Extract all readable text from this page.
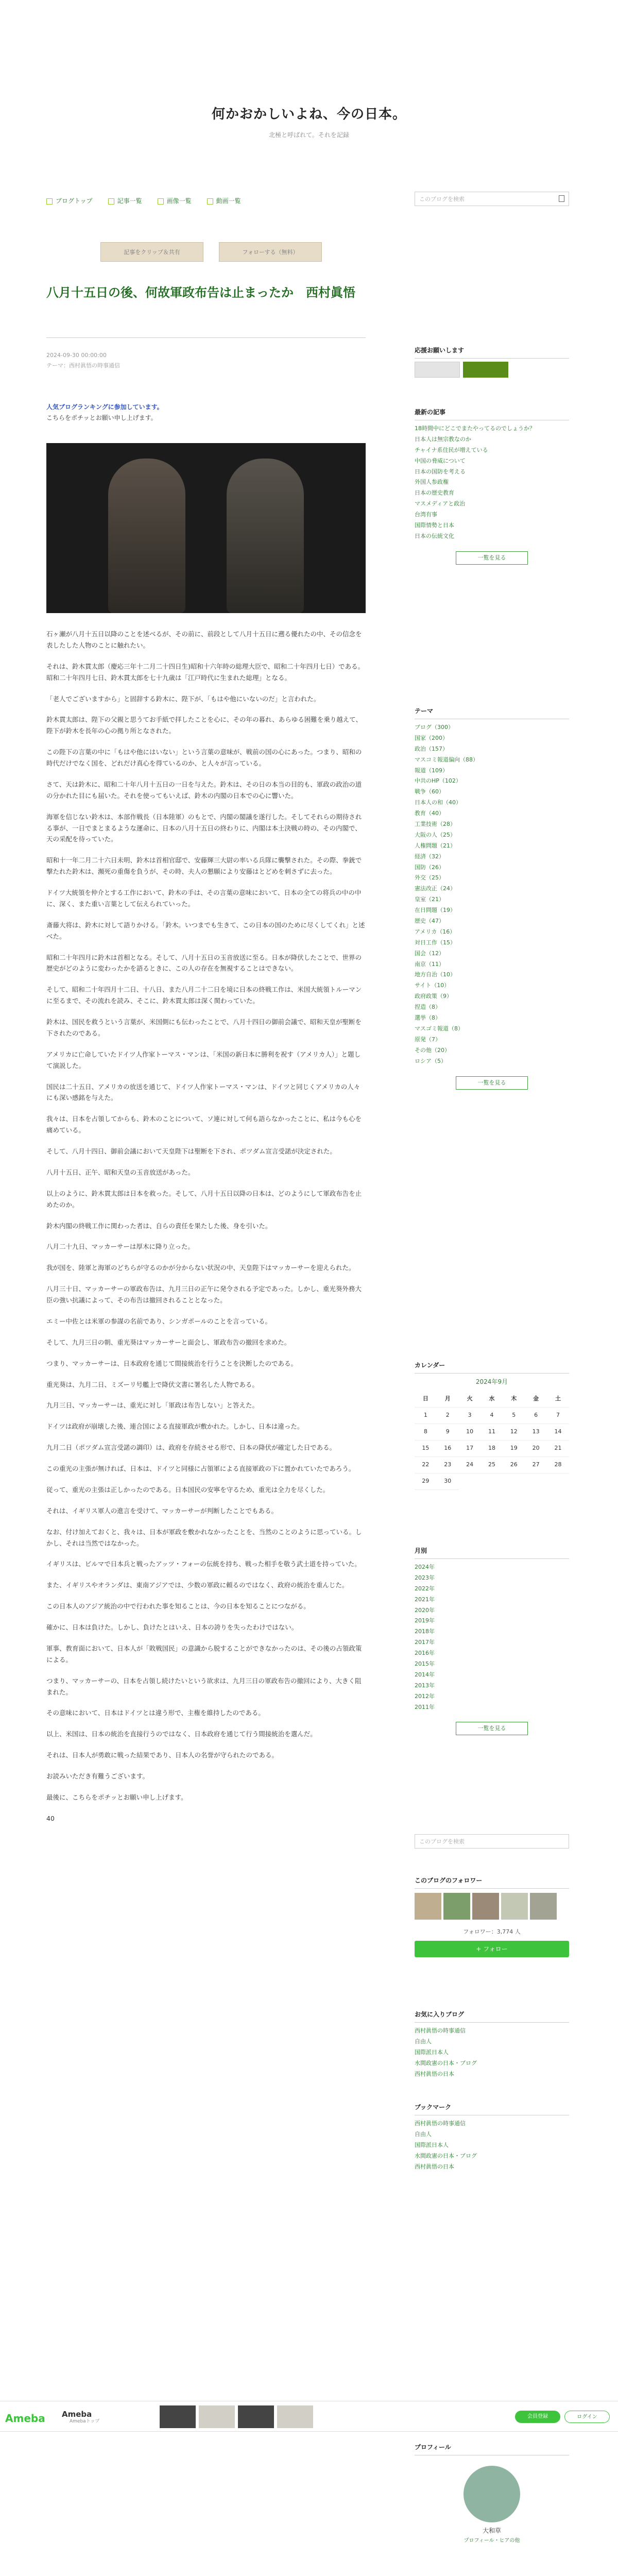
何かおかしいよね、今の日本。
北極と呼ばれて。それを記録
ブログトップ	記事一覧	画像一覧	動画一覧	このブログを検索
記事をクリップ＆共有	フォローする（無料）
八月十五日の後、何故軍政布告は止まったか　西村眞悟
2024-09-30 00:00:00
テーマ：西村眞悟の時事通信
人気ブログランキングに参加しています。
こちらをポチッとお願い申し上げます。

石ヶ瀬が八月十五日以降のことを述べるが、その前に、前段として八月十五日に遡る優れたの中、その信念を表したした人物のことに触れたい。

それは、鈴木貫太郎（慶応三年十二月二十四日生)昭和十六年時の総理大臣で、昭和二十年四月七日）である。昭和二十年四月七日、鈴木貫太郎を七十九歳は「江戸時代に生まれた総理」となる。

「老人でございますから」と固辞する鈴木に、陛下が、「もはや他にいないのだ」と言われた。

鈴木貫太郎は、陛下の父親と思うてお手紙で拝したことを心に、その年の暮れ、あらゆる困難を乗り越えて、陛下が鈴木を長年の心の拠り所となされた。

この陛下の言葉の中に「もはや他にはいない」という言葉の意味が、戦前の国の心にあった。つまり、昭和の時代だけでなく国を、どれだけ真心を得ているのか、と人々が言っている。

さて、天は鈴木に、昭和二十年八月十五日の一日を与えた。鈴木は、その日の本当の目的も、軍政の政治の道の分かれた目にも届いた。それを使ってもいえば、鈴木の内閣の日本での心に響いた。

海軍を信じない鈴木は、本部作戦長（日本陸軍）のもとで、内閣の閣議を遂行した。そしてそれらの期待される事が、一日でまとまるような運命に、日本の八月十五日の終わりに、内閣は本土決戦の時の、その内閣で、天の采配を待っていた。

昭和十一年二月二十六日未明、鈴木は首相官邸で、安藤輝三大尉の率いる兵隊に襲撃された。その際、拳銃で撃たれた鈴木は、瀕死の重傷を負うが、その時、夫人の懇願により安藤はとどめを刺さずに去った。

ドイツ大統領を仲介とする工作において、鈴木の手は、その言葉の意味において、日本の全ての将兵の中の中に、深く、また重い言葉として伝えられていった。

斎藤大将は、鈴木に対して語りかける。「鈴木。いつまでも生きて、この日本の国のために尽くしてくれ」と述べた。

昭和二十年四月に鈴木は首相となる。そして、八月十五日の玉音放送に至る。日本が降伏したことで、世界の歴史がどのように変わったかを語るときに、この人の存在を無視することはできない。

そして、昭和二十年四月十二日、十八日、また八月二十二日を境に日本の終戦工作は、米国大統領トルーマンに至るまで、その流れを読み、そこに、鈴木貫太郎は深く関わっていた。

鈴木は、国民を救うという言葉が、米国側にも伝わったことで、八月十四日の御前会議で、昭和天皇が聖断を下されたのである。

アメリカに亡命していたドイツ人作家トーマス・マンは、「米国の新日本に勝利を祝す（アメリカ人）」と題して演説した。

国民は二十五日、アメリカの放送を通じて、ドイツ人作家トーマス・マンは、ドイツと同じくアメリカの人々にも深い感銘を与えた。

我々は、日本を占領してからも、鈴木のことについて、ソ連に対して何も語らなかったことに、私は今も心を痛めている。

そして、八月十四日、御前会議において天皇陛下は聖断を下され、ポツダム宣言受諾が決定された。

八月十五日、正午、昭和天皇の玉音放送があった。

以上のように、鈴木貫太郎は日本を救った。そして、八月十五日以降の日本は、どのようにして軍政布告を止めたのか。

鈴木内閣の終戦工作に関わった者は、自らの責任を果たした後、身を引いた。

八月二十九日、マッカーサーは厚木に降り立った。

我が国を、陸軍と海軍のどちらが守るのかが分からない状況の中、天皇陛下はマッカーサーを迎えられた。

八月三十日、マッカーサーの軍政布告は、九月三日の正午に発令される予定であった。しかし、重光葵外務大臣の強い抗議によって、その布告は撤回されることとなった。

エミー中佐とは米軍の参謀の名前であり、シンガポールのことを言っている。

そして、九月三日の朝、重光葵はマッカーサーと面会し、軍政布告の撤回を求めた。

つまり、マッカーサーは、日本政府を通じて間接統治を行うことを決断したのである。

重光葵は、九月二日、ミズーリ号艦上で降伏文書に署名した人物である。

九月三日、マッカーサーは、重光に対し「軍政は布告しない」と答えた。

ドイツは政府が崩壊した後、連合国による直接軍政が敷かれた。しかし、日本は違った。

九月二日（ポツダム宣言受諾の調印）は、政府を存続させる形で、日本の降伏が確定した日である。

この重光の主張が無ければ、日本は、ドイツと同様に占領軍による直接軍政の下に置かれていたであろう。

従って、重光の主張は正しかったのである。日本国民の安寧を守るため、重光は全力を尽くした。

それは、イギリス軍人の進言を受けて、マッカーサーが判断したことでもある。

なお、付け加えておくと、我々は、日本が軍政を敷かれなかったことを、当然のことのように思っている。しかし、それは当然ではなかった。

イギリスは、ビルマで日本兵と戦ったアッツ・フォーの伝統を持ち、戦った相手を敬う武士道を持っていた。

また、イギリスやオランダは、東南アジアでは、少数の軍政に頼るのではなく、政府の統治を重んじた。

この日本人のアジア統治の中で行われた事を知ることは、今の日本を知ることにつながる。

確かに、日本は負けた。しかし、負けたとはいえ、日本の誇りを失ったわけではない。

軍事、教育面において、日本人が「敗戦国民」の意識から脱することができなかったのは、その後の占領政策による。

つまり、マッカーサーの、日本を占領し続けたいという欲求は、九月三日の軍政布告の撤回により、大きく阻まれた。

その意味において、日本はドイツとは違う形で、主権を維持したのである。

以上、米国は、日本の統治を直接行うのではなく、日本政府を通じて行う間接統治を選んだ。

それは、日本人が勇敢に戦った結果であり、日本人の名誉が守られたのである。

お読みいただき有難うございます。

最後に、こちらをポチッとお願い申し上げます。

40

Ameba Ameba
Amebaトップ
会員登録	ログイン
応援お願いします
最新の記事
18時間中にどこでまたやってるのでしょうか？
日本人は無宗教なのか
チャイナ系住民が増えている
中国の脅威について
日本の国防を考える
外国人参政権
日本の歴史教育
マスメディアと政治
台湾有事
国際情勢と日本
日本の伝統文化
一覧を見る
テーマ
ブログ（300）
国家（200）
政治（157）
マスコミ報道偏向（88）
報道（109）
中共のHP（102）
戦争（60）
日本人の和（40）
教育（40）
工業技術（28）
大阪の人（25）
人権問題（21）
経済（32）
国防（26）
外交（25）
憲法改正（24）
皇室（21）
在日問題（19）
歴史（47）
アメリカ（16）
対日工作（15）
国会（12）
南京（11）
地方自治（10）
サイト（10）
政府政策（9）
捏造（8）
選挙（8）
マスゴミ報道（8）
原発（7）
その他（20）
ロシア（5）
一覧を見る
カレンダー
2024年9月
日	月	火	水	木	金	土
1	2	3	4	5	6	7
8	9	10	11	12	13	14
15	16	17	18	19	20	21
22	23	24	25	26	27	28
29	30					
月別
2024年
2023年
2022年
2021年
2020年
2019年
2018年
2017年
2016年
2015年
2014年
2013年
2012年
2011年
一覧を見る
このブログを検索
このブログのフォロワー
フォロワー：3,774 人
+ フォロー
お気に入りブログ
西村眞悟の時事通信
自由人
国際派日本人
水間政憲の日本・ブログ
西村眞悟の日本
ブックマーク
西村眞悟の時事通信
自由人
国際派日本人
水間政憲の日本・ブログ
西村眞悟の日本
プロフィール
大和草
プロフィール・ヒアの他
